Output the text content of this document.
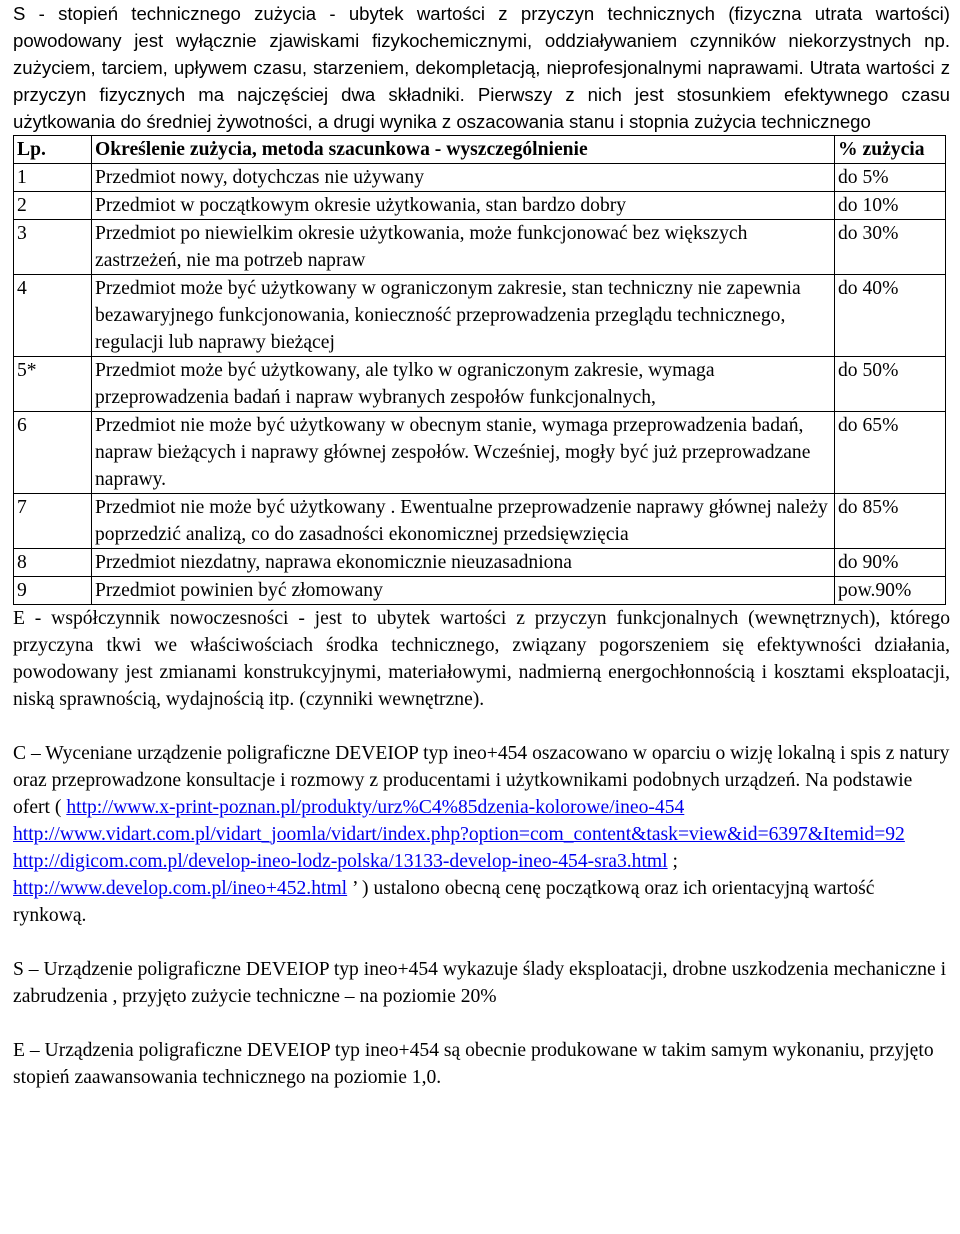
S - stopień technicznego zużycia - ubytek wartości z przyczyn technicznych (fizyczna utrata wartości) powodowany jest wyłącznie zjawiskami fizykochemicznymi, oddziaływaniem czynników niekorzystnych np. zużyciem, tarciem, upływem czasu, starzeniem, dekompletacją, nieprofesjonalnymi naprawami. Utrata wartości z przyczyn fizycznych ma najczęściej dwa składniki. Pierwszy z nich jest stosunkiem efektywnego czasu użytkowania do średniej żywotności, a drugi wynika z oszacowania stanu i stopnia zużycia technicznego

Lp.	Określenie zużycia, metoda szacunkowa - wyszczególnienie	% zużycia
1	Przedmiot nowy, dotychczas nie używany	do 5%
2	Przedmiot w początkowym okresie użytkowania, stan bardzo dobry	do 10%
3	Przedmiot po niewielkim okresie użytkowania, może funkcjonować bez większych zastrzeżeń, nie ma potrzeb napraw	do 30%
4	Przedmiot może być użytkowany w ograniczonym zakresie, stan techniczny nie zapewnia bezawaryjnego funkcjonowania, konieczność przeprowadzenia przeglądu technicznego, regulacji lub naprawy bieżącej	do 40%
5*	Przedmiot może być użytkowany, ale tylko w ograniczonym zakresie, wymaga przeprowadzenia badań i napraw wybranych zespołów funkcjonalnych,	do 50%
6	Przedmiot nie może być użytkowany w obecnym stanie, wymaga przeprowadzenia badań, napraw bieżących i naprawy głównej zespołów. Wcześniej, mogły być już przeprowadzane naprawy.	do 65%
7	Przedmiot nie może być użytkowany . Ewentualne przeprowadzenie naprawy głównej należy poprzedzić analizą, co do zasadności ekonomicznej przedsięwzięcia	do 85%
8	Przedmiot niezdatny, naprawa ekonomicznie nieuzasadniona	do 90%
9	Przedmiot powinien być złomowany	pow.90%

E - współczynnik nowoczesności - jest to ubytek wartości z przyczyn funkcjonalnych (wewnętrznych), którego przyczyna tkwi we właściwościach środka technicznego, związany pogorszeniem się efektywności działania, powodowany jest zmianami konstrukcyjnymi, materiałowymi, nadmierną energochłonnością i kosztami eksploatacji, niską sprawnością, wydajnością itp. (czynniki wewnętrzne).

C – Wyceniane urządzenie poligraficzne DEVEIOP typ ineo+454 oszacowano w oparciu o wizję lokalną i spis z natury oraz przeprowadzone konsultacje i rozmowy z producentami i użytkownikami podobnych urządzeń. Na podstawie ofert ( http://www.x-print-poznan.pl/produkty/urz%C4%85dzenia-kolorowe/ineo-454 http://www.vidart.com.pl/vidart_joomla/vidart/index.php?option=com_content&task=view&id=6397&Itemid=92 http://digicom.com.pl/develop-ineo-lodz-polska/13133-develop-ineo-454-sra3.html ; http://www.develop.com.pl/ineo+452.html ’ ) ustalono obecną cenę początkową oraz ich orientacyjną wartość rynkową.

S – Urządzenie poligraficzne DEVEIOP typ ineo+454 wykazuje ślady eksploatacji, drobne uszkodzenia mechaniczne i zabrudzenia , przyjęto zużycie techniczne – na poziomie 20%

E – Urządzenia poligraficzne DEVEIOP typ ineo+454 są obecnie produkowane w takim samym wykonaniu, przyjęto stopień zaawansowania technicznego na poziomie 1,0.
